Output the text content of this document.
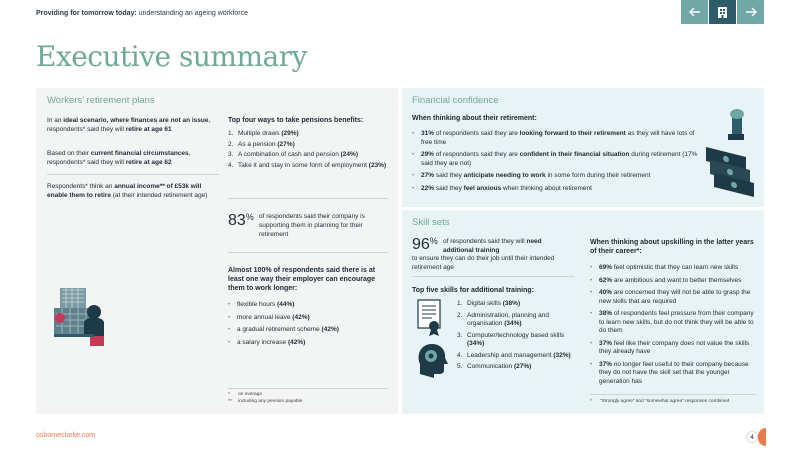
Providing for tomorrow today: understanding an ageing workforce
Executive summary
Workers’ retirement plans
In an ideal scenario, where finances are not an issue, respondents* said they will retire at age 61
Based on their current financial circumstances, respondents* said they will retire at age 62
Respondents* think an annual income** of £53k will enable them to retire (at their intended retirement age)
Top four ways to take pensions benefits:
1. Multiple draws (29%)
2. As a pension (27%)
3. A combination of cash and pension (24%)
4. Take it and stay in some form of employment (23%)
83% of respondents said their company is supporting them in planning for their retirement
Almost 100% of respondents said there is at least one way their employer can encourage them to work longer:
•	flexible hours (44%)
•	more annual leave (42%)
•	a gradual retirement scheme (42%)
•	a salary increase (42%)
* on average
** including any pension payable
Financial confidence
When thinking about their retirement:
•	31% of respondents said they are looking forward to their retirement as they will have lots of free time
•	29% of respondents said they are confident in their financial situation during retirement (17% said they are not)
•	27% said they anticipate needing to work in some form during their retirement
•	22% said they feel anxious when thinking about retirement
Skill sets
96% of respondents said they will need additional training
to ensure they can do their job until their intended retirement age
Top five skills for additional training:
1. Digital skills (38%)
2. Administration, planning and organisation (34%)
3. Computer/technology based skills (34%)
4. Leadership and management (32%)
5. Communication (27%)
When thinking about upskilling in the latter years of their career*:
•	69% feel optimistic that they can learn new skills
•	62% are ambitious and want to better themselves
•	40% are concerned they will not be able to grasp the new skills that are required
•	38% of respondents feel pressure from their company to learn new skills, but do not think they will be able to do them
•	37% feel like their company does not value the skills they already have
•	37% no longer feel useful to their company because they do not have the skill set that the younger generation has
* “Strongly agree” and “somewhat agree” responses combined
osborneclarke.com	4
